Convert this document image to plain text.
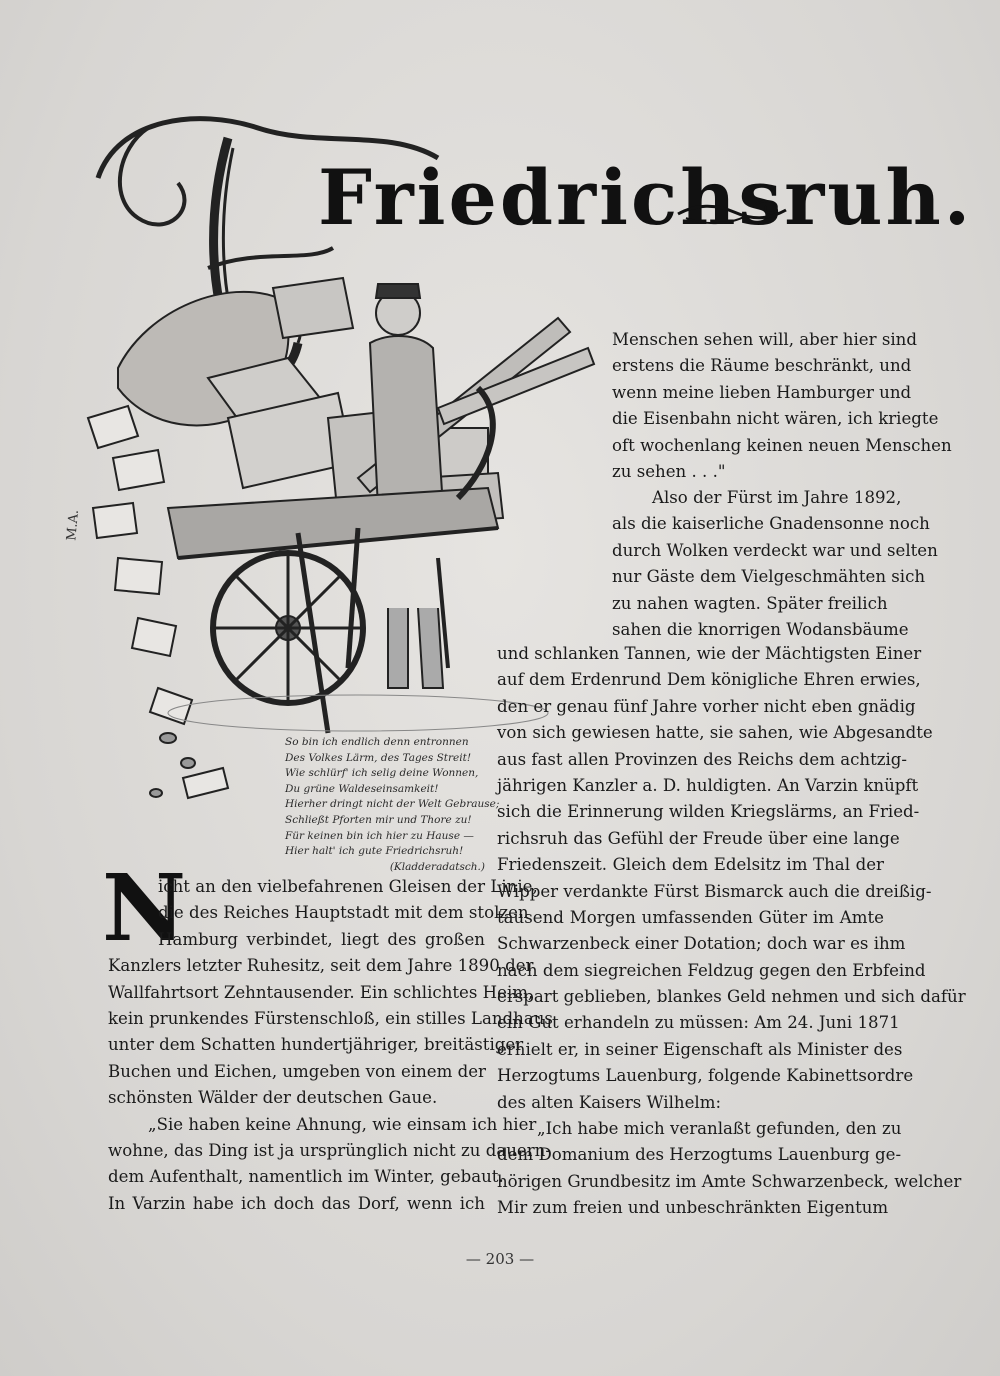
M.A.
Friedrichsruh.
So bin ich endlich denn entronnen
Des Volkes Lärm, des Tages Streit!
Wie schlürf' ich selig deine Wonnen,
Du grüne Waldeseinsamkeit!
Hierher dringt nicht der Welt Gebrause;
Schließt Pforten mir und Thore zu!
Für keinen bin ich hier zu Hause —
Hier halt' ich gute Friedrichsruh!
(Kladderadatsch.)
Menschen sehen will, aber hier sind
erstens die Räume beschränkt, und
wenn meine lieben Hamburger und
die Eisenbahn nicht wären, ich kriegte
oft wochenlang keinen neuen Menschen
zu sehen . . ."
Also der Fürst im Jahre 1892,
als die kaiserliche Gnadensonne noch
durch Wolken verdeckt war und selten
nur Gäste dem Vielgeschmähten sich
zu nahen wagten. Später freilich
sahen die knorrigen Wodansbäume
und schlanken Tannen, wie der Mächtigsten Einer
auf dem Erdenrund Dem königliche Ehren erwies,
den er genau fünf Jahre vorher nicht eben gnädig
von sich gewiesen hatte, sie sahen, wie Abgesandte
aus fast allen Provinzen des Reichs dem achtzig-
jährigen Kanzler a. D. huldigten. An Varzin knüpft
sich die Erinnerung wilden Kriegslärms, an Fried-
richsruh das Gefühl der Freude über eine lange
Friedenszeit. Gleich dem Edelsitz im Thal der
Wipper verdankte Fürst Bismarck auch die dreißig-
tausend Morgen umfassenden Güter im Amte
Schwarzenbeck einer Dotation; doch war es ihm
nach dem siegreichen Feldzug gegen den Erbfeind
erspart geblieben, blankes Geld nehmen und sich dafür
ein Gut erhandeln zu müssen: Am 24. Juni 1871
erhielt er, in seiner Eigenschaft als Minister des
Herzogtums Lauenburg, folgende Kabinettsordre
des alten Kaisers Wilhelm:
„Ich habe mich veranlaßt gefunden, den zu
dem Domanium des Herzogtums Lauenburg ge-
hörigen Grundbesitz im Amte Schwarzenbeck, welcher
Mir zum freien und unbeschränkten Eigentum
N
icht an den vielbefahrenen Gleisen der Linie,
die des Reiches Hauptstadt mit dem stolzen
Hamburg verbindet, liegt des großen
Kanzlers letzter Ruhesitz, seit dem Jahre 1890 der
Wallfahrtsort Zehntausender. Ein schlichtes Heim,
kein prunkendes Fürstenschloß, ein stilles Landhaus
unter dem Schatten hundertjähriger, breitästiger
Buchen und Eichen, umgeben von einem der
schönsten Wälder der deutschen Gaue.
„Sie haben keine Ahnung, wie einsam ich hier
wohne, das Ding ist ja ursprünglich nicht zu dauern-
dem Aufenthalt, namentlich im Winter, gebaut.
In Varzin habe ich doch das Dorf, wenn ich
— 203 —
